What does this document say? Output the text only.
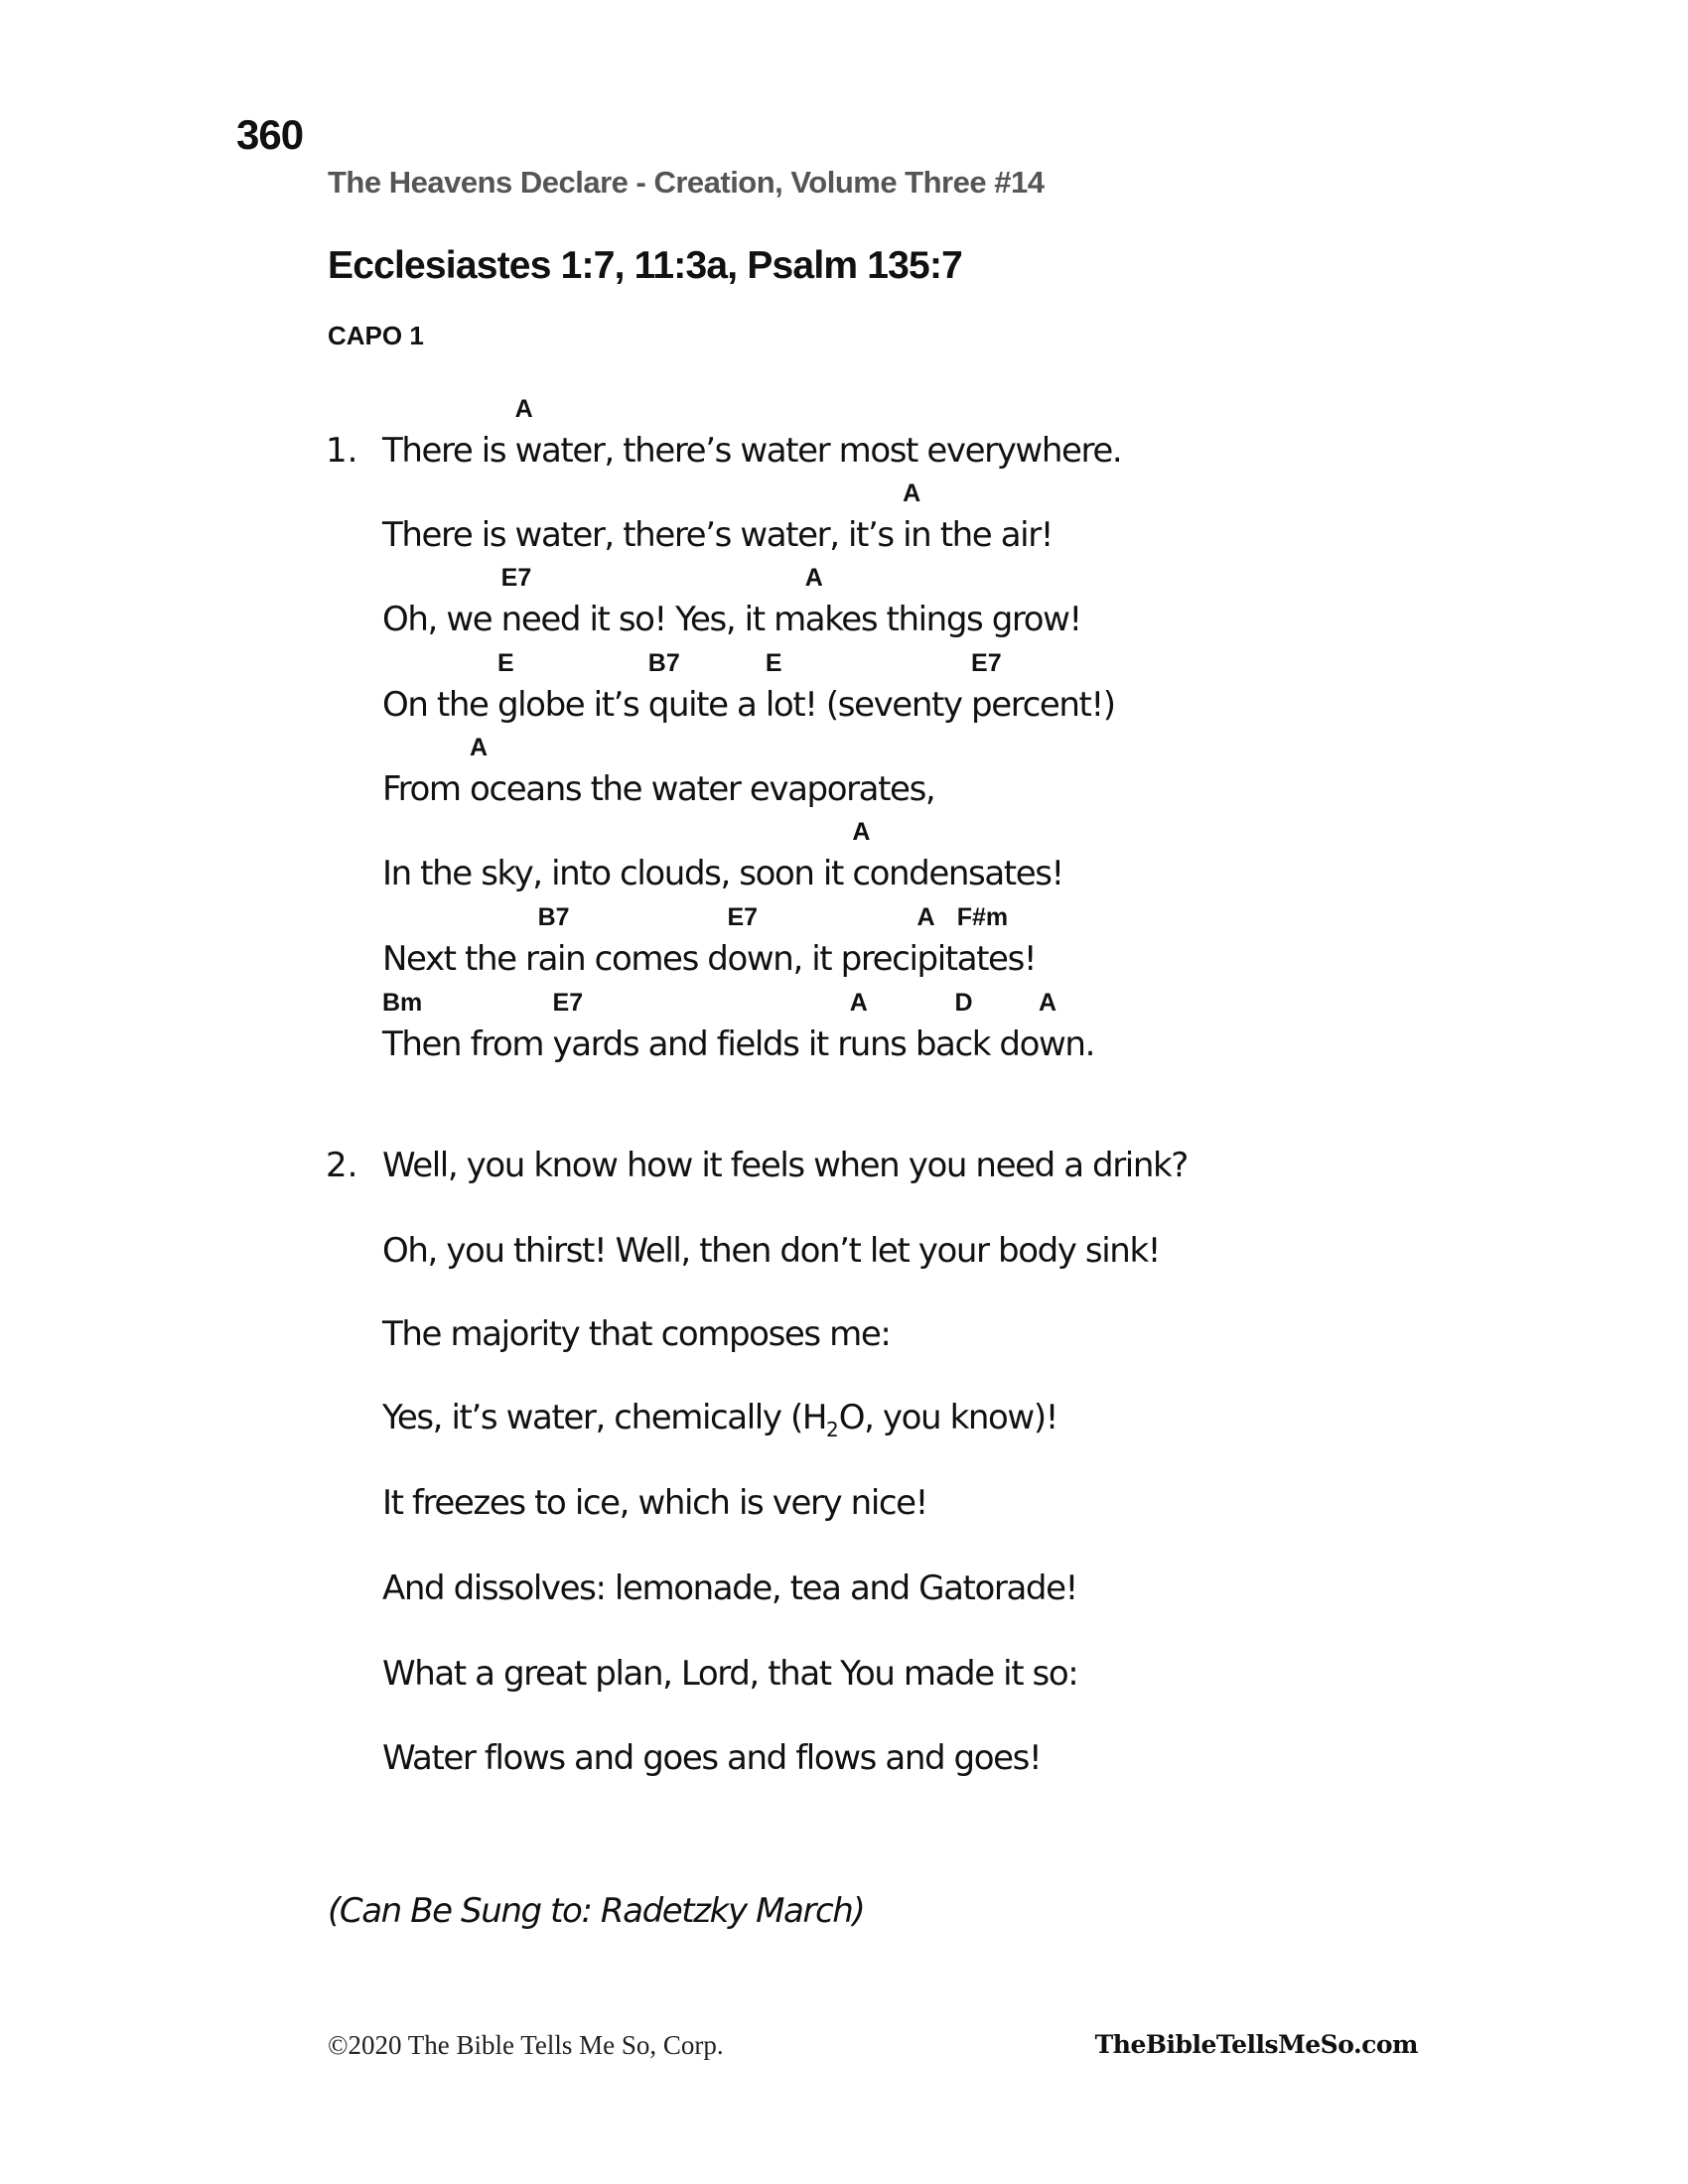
360
The Heavens Declare - Creation, Volume Three #14
Ecclesiastes 1:7, 11:3a, Psalm 135:7
CAPO 1
1. There is
A
water, there’s water most everywhere.
There is water, there’s water, it’s
A
in the air!
Oh, we
E7
need it so! Yes, it m
A
akes things grow!
On the
E
globe it’s
B7
quite a
E
lot! (seventy
E7
percent!)
From
A
oceans the water evaporates,
In the sky, into clouds, soon it
A
condensates!
Next the r
B7
ain comes d
E7
own, it preci
A
pit
F#m
ates!
Bm
Then from
E7
yards and fields it r
A
uns ba
D
ck do
A
wn.
2. Well, you know how it feels when you need a drink?
Oh, you thirst! Well, then don’t let your body sink!
The majority that composes me:
Yes, it’s water, chemically ($H_2O$, you know)!
It freezes to ice, which is very nice!
And dissolves: lemonade, tea and Gatorade!
What a great plan, Lord, that You made it so:
Water flows and goes and flows and goes!
(Can Be Sung to: Radetzky March)
©2020 The Bible Tells Me So, Corp.	TheBibleTellsMeSo.com
